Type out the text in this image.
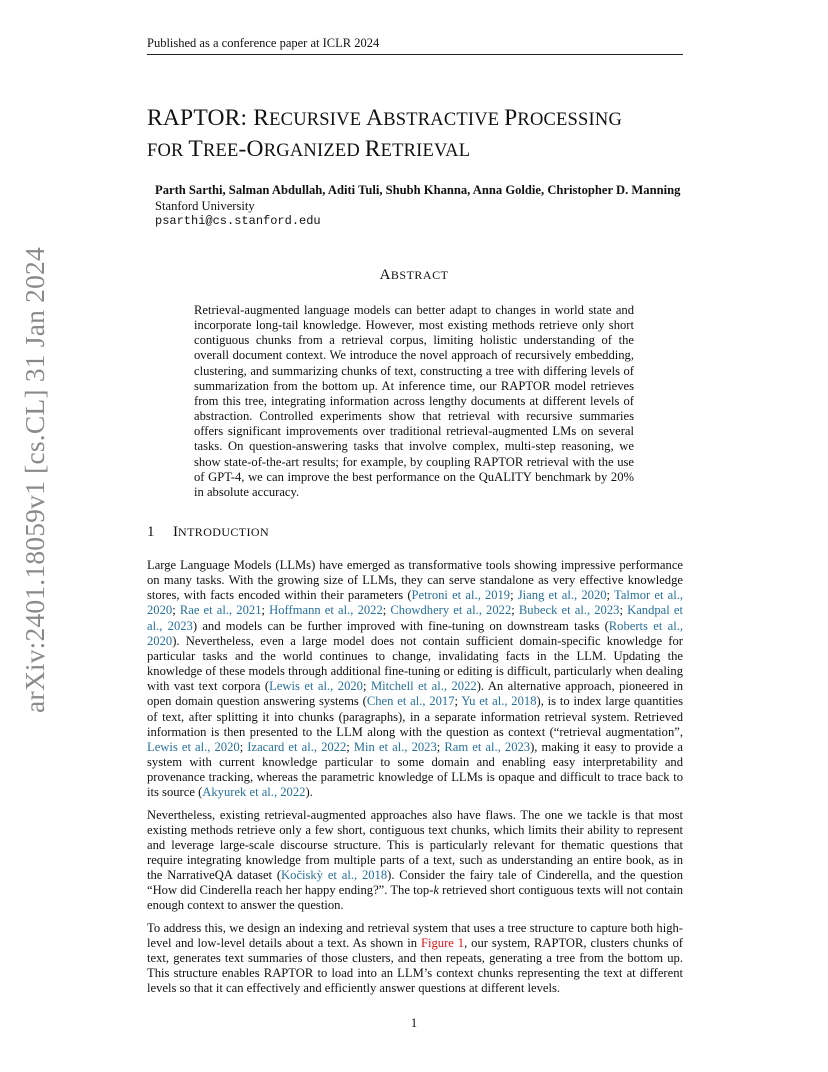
Published as a conference paper at ICLR 2024
arXiv:2401.18059v1 [cs.CL] 31 Jan 2024
RAPTOR: RECURSIVE ABSTRACTIVE PROCESSING
FOR TREE-ORGANIZED RETRIEVAL
Parth Sarthi, Salman Abdullah, Aditi Tuli, Shubh Khanna, Anna Goldie, Christopher D. Manning
Stanford University
psarthi@cs.stanford.edu
ABSTRACT
Retrieval-augmented language models can better adapt to changes in world state and incorporate long-tail knowledge. However, most existing methods retrieve only short contiguous chunks from a retrieval corpus, limiting holistic understanding of the overall document context. We introduce the novel approach of recursively embedding, clustering, and summarizing chunks of text, constructing a tree with differing levels of summarization from the bottom up. At inference time, our RAPTOR model retrieves from this tree, integrating information across lengthy documents at different levels of abstraction. Controlled experiments show that retrieval with recursive summaries offers significant improvements over traditional retrieval-augmented LMs on several tasks. On question-answering tasks that involve complex, multi-step reasoning, we show state-of-the-art results; for example, by coupling RAPTOR retrieval with the use of GPT-4, we can improve the best performance on the QuALITY benchmark by 20% in absolute accuracy.
1 INTRODUCTION

Large Language Models (LLMs) have emerged as transformative tools showing impressive performance on many tasks. With the growing size of LLMs, they can serve standalone as very effective knowledge stores, with facts encoded within their parameters (Petroni et al., 2019; Jiang et al., 2020; Talmor et al., 2020; Rae et al., 2021; Hoffmann et al., 2022; Chowdhery et al., 2022; Bubeck et al., 2023; Kandpal et al., 2023) and models can be further improved with fine-tuning on downstream tasks (Roberts et al., 2020). Nevertheless, even a large model does not contain sufficient domain-specific knowledge for particular tasks and the world continues to change, invalidating facts in the LLM. Updating the knowledge of these models through additional fine-tuning or editing is difficult, particularly when dealing with vast text corpora (Lewis et al., 2020; Mitchell et al., 2022). An alternative approach, pioneered in open domain question answering systems (Chen et al., 2017; Yu et al., 2018), is to index large quantities of text, after splitting it into chunks (paragraphs), in a separate information retrieval system. Retrieved information is then presented to the LLM along with the question as context (“retrieval augmentation”, Lewis et al., 2020; Izacard et al., 2022; Min et al., 2023; Ram et al., 2023), making it easy to provide a system with current knowledge particular to some domain and enabling easy interpretability and provenance tracking, whereas the parametric knowledge of LLMs is opaque and difficult to trace back to its source (Akyurek et al., 2022).

Nevertheless, existing retrieval-augmented approaches also have flaws. The one we tackle is that most existing methods retrieve only a few short, contiguous text chunks, which limits their ability to represent and leverage large-scale discourse structure. This is particularly relevant for thematic questions that require integrating knowledge from multiple parts of a text, such as understanding an entire book, as in the NarrativeQA dataset (Kočiskỳ et al., 2018). Consider the fairy tale of Cinderella, and the question “How did Cinderella reach her happy ending?”. The top-k retrieved short contiguous texts will not contain enough context to answer the question.

To address this, we design an indexing and retrieval system that uses a tree structure to capture both high-level and low-level details about a text. As shown in Figure 1, our system, RAPTOR, clusters chunks of text, generates text summaries of those clusters, and then repeats, generating a tree from the bottom up. This structure enables RAPTOR to load into an LLM’s context chunks representing the text at different levels so that it can effectively and efficiently answer questions at different levels.

1
